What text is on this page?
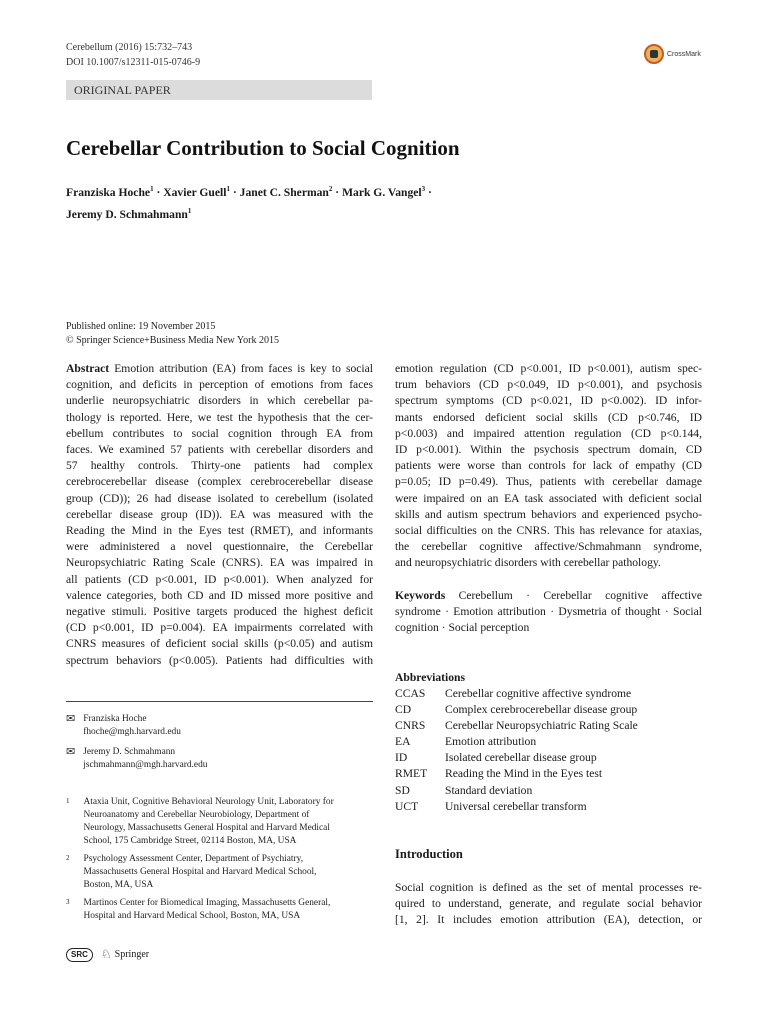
Cerebellum (2016) 15:732–743
DOI 10.1007/s12311-015-0746-9
CrossMark
ORIGINAL PAPER
Cerebellar Contribution to Social Cognition
Franziska Hoche$^1$ · Xavier Guell$^1$ · Janet C. Sherman$^2$ · Mark G. Vangel$^3$ ·
Jeremy D. Schmahmann$^1$
Published online: 19 November 2015
© Springer Science+Business Media New York 2015
Abstract Emotion attribution (EA) from faces is key to social
cognition, and deficits in perception of emotions from faces
underlie neuropsychiatric disorders in which cerebellar pa-
thology is reported. Here, we test the hypothesis that the cer-
ebellum contributes to social cognition through EA from
faces. We examined 57 patients with cerebellar disorders and
57 healthy controls. Thirty-one patients had complex
cerebrocerebellar disease (complex cerebrocerebellar disease
group (CD)); 26 had disease isolated to cerebellum (isolated
cerebellar disease group (ID)). EA was measured with the
Reading the Mind in the Eyes test (RMET), and informants
were administered a novel questionnaire, the Cerebellar
Neuropsychiatric Rating Scale (CNRS). EA was impaired in
all patients (CD p<0.001, ID p<0.001). When analyzed for
valence categories, both CD and ID missed more positive and
negative stimuli. Positive targets produced the highest deficit
(CD p<0.001, ID p=0.004). EA impairments correlated with
CNRS measures of deficient social skills (p<0.05) and autism
spectrum behaviors (p<0.005). Patients had difficulties with
emotion regulation (CD p<0.001, ID p<0.001), autism spec-
trum behaviors (CD p<0.049, ID p<0.001), and psychosis
spectrum symptoms (CD p<0.021, ID p<0.002). ID infor-
mants endorsed deficient social skills (CD p<0.746, ID
p<0.003) and impaired attention regulation (CD p<0.144,
ID p<0.001). Within the psychosis spectrum domain, CD
patients were worse than controls for lack of empathy (CD
p=0.05; ID p=0.49). Thus, patients with cerebellar damage
were impaired on an EA task associated with deficient social
skills and autism spectrum behaviors and experienced psycho-
social difficulties on the CNRS. This has relevance for ataxias,
the cerebellar cognitive affective/Schmahmann syndrome,
and neuropsychiatric disorders with cerebellar pathology.
Keywords Cerebellum · Cerebellar cognitive affective
syndrome · Emotion attribution · Dysmetria of thought · Social
cognition · Social perception
Abbreviations
CCAS	Cerebellar cognitive affective syndrome
CD	Complex cerebrocerebellar disease group
CNRS	Cerebellar Neuropsychiatric Rating Scale
EA	Emotion attribution
ID	Isolated cerebellar disease group
RMET	Reading the Mind in the Eyes test
SD	Standard deviation
UCT	Universal cerebellar transform
Introduction
Social cognition is defined as the set of mental processes re-
quired to understand, generate, and regulate social behavior
[1, 2]. It includes emotion attribution (EA), detection, or
✉ Franziska Hoche
fhoche@mgh.harvard.edu
✉ Jeremy D. Schmahmann
jschmahmann@mgh.harvard.edu
1 Ataxia Unit, Cognitive Behavioral Neurology Unit, Laboratory for
Neuroanatomy and Cerebellar Neurobiology, Department of
Neurology, Massachusetts General Hospital and Harvard Medical
School, 175 Cambridge Street, 02114 Boston, MA, USA
2 Psychology Assessment Center, Department of Psychiatry,
Massachusetts General Hospital and Harvard Medical School,
Boston, MA, USA
3 Martinos Center for Biomedical Imaging, Massachusetts General,
Hospital and Harvard Medical School, Boston, MA, USA
SRC	♘ Springer
